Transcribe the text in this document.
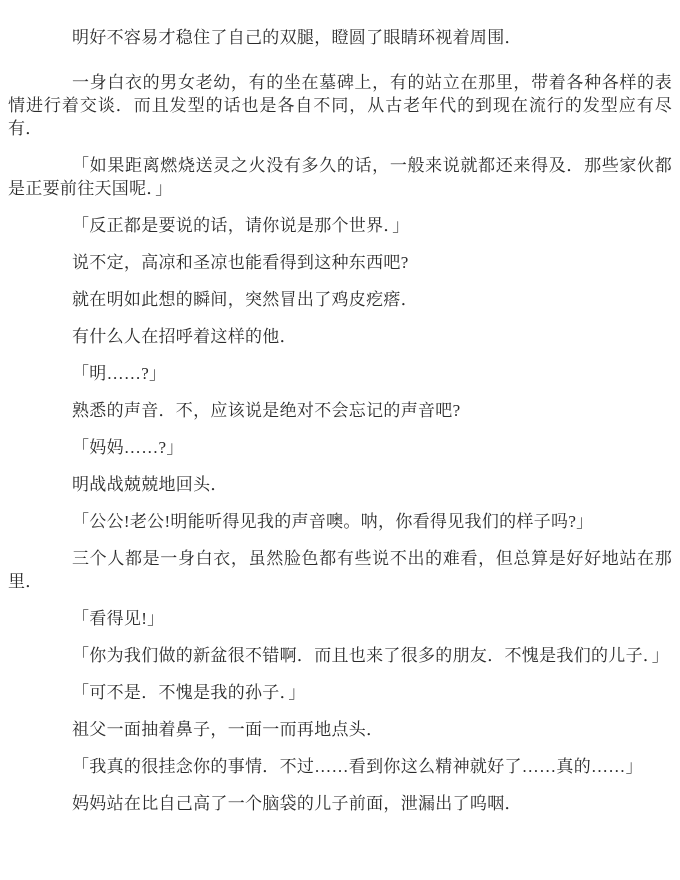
明好不容易才稳住了自己的双腿，瞪圆了眼睛环视着周围．

一身白衣的男女老幼，有的坐在墓碑上，有的站立在那里，带着各种各样的表情进行着交谈．而且发型的话也是各自不同，从古老年代的到现在流行的发型应有尽有．

「如果距离燃烧送灵之火没有多久的话，一般来说就都还来得及．那些家伙都是正要前往天国呢．」

「反正都是要说的话，请你说是那个世界．」

说不定，高凉和圣凉也能看得到这种东西吧?

就在明如此想的瞬间，突然冒出了鸡皮疙瘩．

有什么人在招呼着这样的他．

「明……?」

熟悉的声音．不，应该说是绝对不会忘记的声音吧?

「妈妈……?」

明战战兢兢地回头．

「公公!老公!明能听得见我的声音噢。呐，你看得见我们的样子吗?」

三个人都是一身白衣，虽然脸色都有些说不出的难看，但总算是好好地站在那里．

「看得见!」

「你为我们做的新盆很不错啊．而且也来了很多的朋友．不愧是我们的儿子．」

「可不是．不愧是我的孙子．」

祖父一面抽着鼻子，一面一而再地点头．

「我真的很挂念你的事情．不过……看到你这么精神就好了……真的……」

妈妈站在比自己高了一个脑袋的儿子前面，泄漏出了呜咽．
